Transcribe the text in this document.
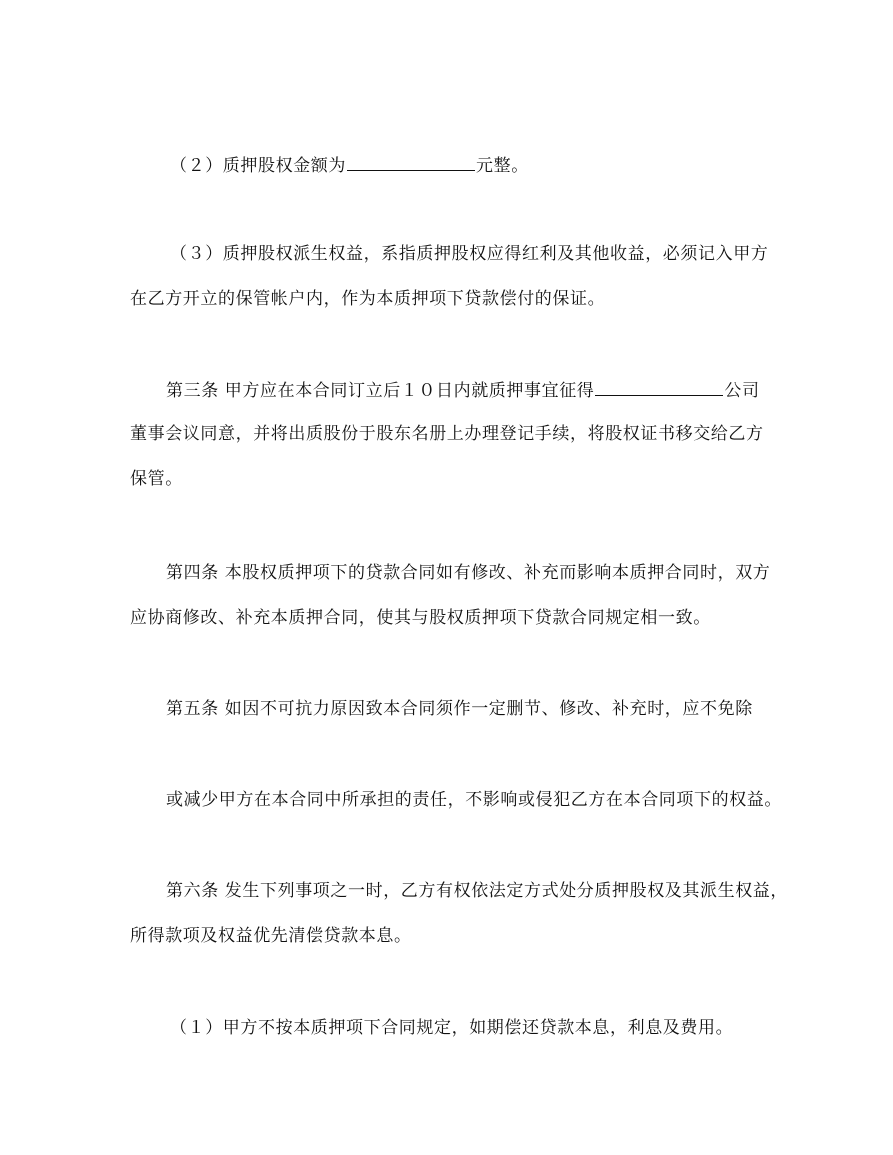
（２）质押股权金额为	元整。
（３）质押股权派生权益，系指质押股权应得红利及其他收益，必须记入甲方
在乙方开立的保管帐户内，作为本质押项下贷款偿付的保证。
第三条 甲方应在本合同订立后１０日内就质押事宜征得	公司
董事会议同意，并将出质股份于股东名册上办理登记手续，将股权证书移交给乙方
保管。
第四条 本股权质押项下的贷款合同如有修改、补充而影响本质押合同时，双方
应协商修改、补充本质押合同，使其与股权质押项下贷款合同规定相一致。
第五条 如因不可抗力原因致本合同须作一定删节、修改、补充时，应不免除
或减少甲方在本合同中所承担的责任，不影响或侵犯乙方在本合同项下的权益。
第六条 发生下列事项之一时，乙方有权依法定方式处分质押股权及其派生权益，
所得款项及权益优先清偿贷款本息。
（１）甲方不按本质押项下合同规定，如期偿还贷款本息，利息及费用。
